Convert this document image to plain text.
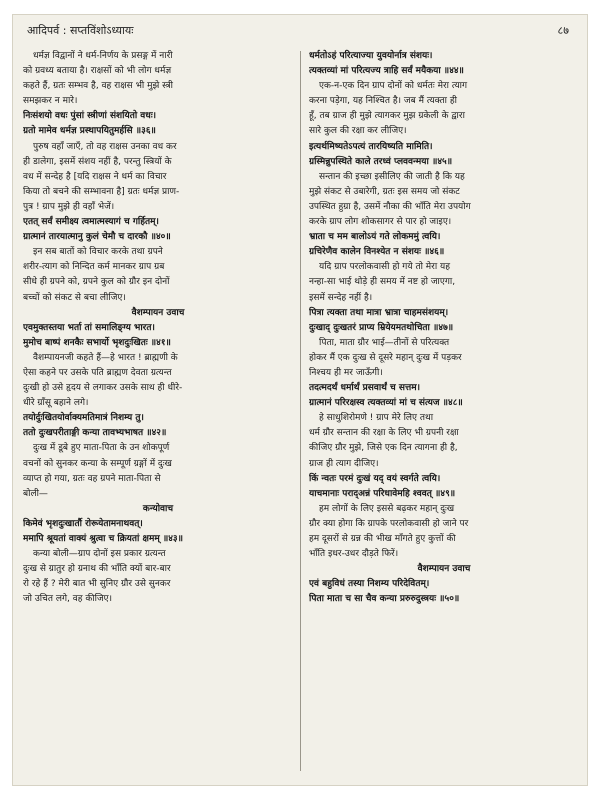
आदिपर्व : सप्तविंशोऽध्यायः	८७
धर्मज्ञ विद्वानों ने धर्म-निर्णय के प्रसङ्ग में नारी
को ग्रवध्य बताया है। राक्षसों को भी लोग धर्मज्ञ
कहते हैं, ग्रतः सम्भव है, वह राक्षस भी मुझे स्त्री
समझकर न मारे।
निःसंशयो वधः पुंसां स्त्रीणां संशयितो वधः।
ग्रतो मामेव धर्मज्ञ प्रस्थापयितुमर्हसि ॥३६॥
पुरुष वहाँ जाएँ, तो वह राक्षस उनका वध कर
ही डालेगा, इसमें संशय नहीं है, परन्तु स्त्रियों के
वध में सन्देह है [यदि राक्षस ने धर्म का विचार
किया तो बचने की सम्भावना है] ग्रतः धर्मज्ञ प्राण-
पुत्र ! ग्राप मुझे ही वहाँ भेजें।
एतत् सर्वं समीक्ष्य त्वमात्मस्यागं च गर्हितम्।
ग्रात्मानं तारयात्मानु कुलं चेमौ च दारकौ ॥४०॥
इन सब बातों को विचार करके तथा ग्रपने
शरीर-त्याग को निन्दित कर्म मानकर ग्राप ग्रब
सीधे ही ग्रपने को, ग्रपने कुल को ग्रौर इन दोनों
बच्चों को संकट से बचा लीजिए।
वैशम्पायन उवाच
एवमुक्तस्तया भर्ता तां समालिङ्ग्य भारत।
मुमोच बाष्पं शनकैः सभार्यो भृशदुःखितः ॥४१॥
वैशम्पायनजी कहते हैं—हे भारत ! ब्राह्मणी के
ऐसा कहने पर उसके पति ब्राह्मण देवता ग्रत्यन्त
दुःखी हो उसे हृदय से लगाकर उसके साथ ही धीरे-
धीरे ग्राँसू बहाने लगे।
तयोर्दुःखितयोर्वाक्यमतिमात्रं निशम्य तु।
ततो दुःखपरीताङ्गी कन्या तावभ्यभाषत ॥४२॥
दुःख में डूबे हुए माता-पिता के उन शोकपूर्ण
वचनों को सुनकर कन्या के सम्पूर्ण ग्रङ्गों में दुःख
व्याप्त हो गया, ग्रतः वह ग्रपने माता-पिता से
बोली—
कन्योवाच
किमेवं भृशदुःखार्तौ रोरूयेतामनाथवत्।
ममापि श्रूयतां वाक्यं श्रुत्वा च क्रियतां क्षमम् ॥४३॥
कन्या बोली—ग्राप दोनों इस प्रकार ग्रत्यन्त
दुःख से ग्रातुर हो ग्रनाथ की भाँति क्यों बार-बार
रो रहे हैं ? मेरी बात भी सुनिए ग्रौर उसे सुनकर
जो उचित लगे, वह कीजिए।
धर्मतोऽहं परित्याज्या युवयोर्नात्र संशयः।
त्यक्तव्यां मां परित्यज्य त्राहि सर्वं मयैकया ॥४४॥
एक-न-एक दिन ग्राप दोनों को धर्मतः मेरा त्याग
करना पड़ेगा, यह निश्चित है। जब मैं त्यक्ता ही
हूँ, तब ग्राज ही मुझे त्यागकर मुझ ग्रकेली के द्वारा
सारे कुल की रक्षा कर लीजिए।
इत्यर्थमिष्यतेऽपत्यं तारयिष्यति मामिति।
ग्रस्मिन्नुपस्थिते काले तरध्वं प्लववन्मया ॥४५॥
सन्तान की इच्छा इसीलिए की जाती है कि यह
मुझे संकट से उबारेगी, ग्रतः इस समय जो संकट
उपस्थित हुग्रा है, उसमें नौका की भाँति मेरा उपयोग
करके ग्राप लोग शोकसागर से पार हो जाइए।
भ्राता च मम बालोऽयं गते लोकममुं त्वयि।
ग्रचिरेणैव कालेन विनश्येत न संशयः ॥४६॥
यदि ग्राप परलोकवासी हो गये तो मेरा यह
नन्हा-सा भाई थोड़े ही समय में नष्ट हो जाएगा,
इसमें सन्देह नहीं है।
पित्रा त्यक्ता तथा मात्रा भ्रात्रा चाहमसंशयम्।
दुःखाद् दुःखतरं प्राप्य म्रियेयमतथोचिता ॥४७॥
पिता, माता ग्रौर भाई—तीनों से परित्यक्त
होकर मैं एक दुःख से दूसरे महान् दुःख में पड़कर
निश्चय ही मर जाऊँगी।
तदत्मदर्थं धर्मार्थं प्रसवार्थं च सत्तम।
ग्रात्मानं परिरक्षस्व त्यक्तव्यां मां च संत्यज ॥४८॥
हे साधुशिरोमणे ! ग्राप मेरे लिए तथा
धर्म ग्रौर सन्तान की रक्षा के लिए भी ग्रपनी रक्षा
कीजिए ग्रौर मुझे, जिसे एक दिन त्यागना ही है,
ग्राज ही त्याग दीजिए।
किं न्वतः परमं दुःखं यद् वयं स्वर्गते त्वयि।
याचमानाः पराद्‌अन्नं परिधावेमहि श्ववत् ॥४९॥
हम लोगों के लिए इससे बढ़कर महान् दुःख
ग्रौर क्या होगा कि ग्रापके परलोकवासी हो जाने पर
हम दूसरों से ग्रन्न की भीख माँगते हुए कुत्तों की
भाँति इधर-उधर दौड़ते फिरें।
वैशम्पायन उवाच
एवं बहुविधं तस्या निशम्य परिदेवितम्।
पिता माता च सा चैव कन्या प्ररुरुदुस्त्रयः ॥५०॥
